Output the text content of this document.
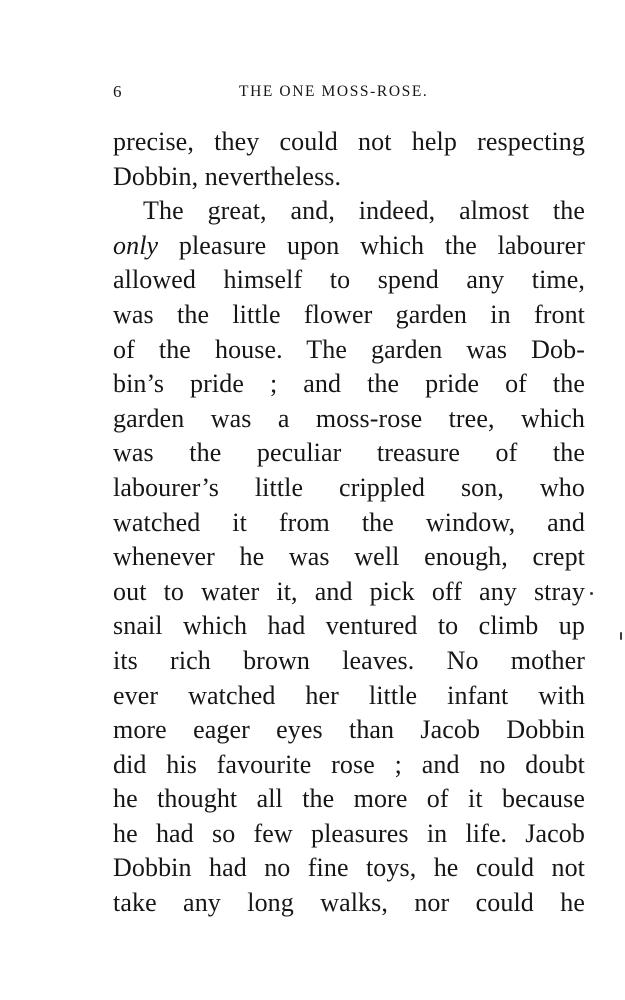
6	THE ONE MOSS-ROSE.

precise, they could not help respecting
Dobbin, nevertheless.

The great, and, indeed, almost the
only pleasure upon which the labourer
allowed himself to spend any time,
was the little flower garden in front
of the house. The garden was Dob-
bin’s pride ; and the pride of the
garden was a moss-rose tree, which
was the peculiar treasure of the
labourer’s little crippled son, who
watched it from the window, and
whenever he was well enough, crept
out to water it, and pick off any stray
snail which had ventured to climb up
its rich brown leaves. No mother
ever watched her little infant with
more eager eyes than Jacob Dobbin
did his favourite rose ; and no doubt
he thought all the more of it because
he had so few pleasures in life. Jacob
Dobbin had no fine toys, he could not
take any long walks, nor could he
